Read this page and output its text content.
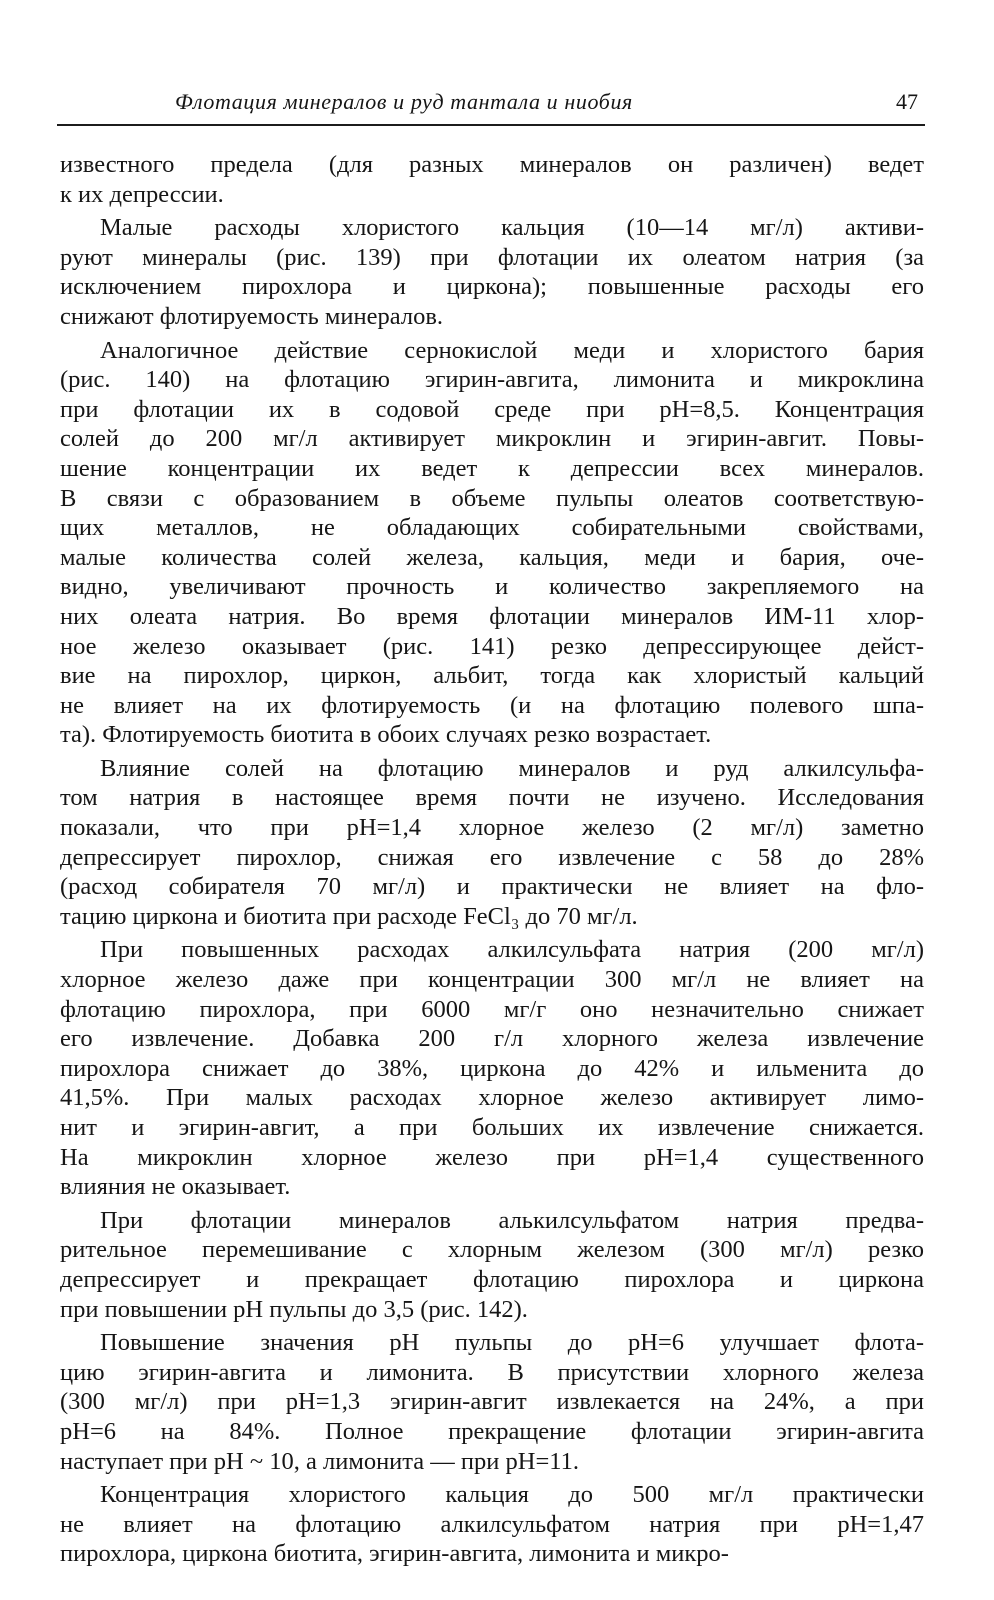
Флотация минералов и руд тантала и ниобия	47

известного предела (для разных минералов он различен) ведет
к их депрессии.

Малые расходы хлористого кальция (10—14 мг/л) активи-
руют минералы (рис. 139) при флотации их олеатом натрия (за
исключением пирохлора и циркона); повышенные расходы его
снижают флотируемость минералов.

Аналогичное действие сернокислой меди и хлористого бария
(рис. 140) на флотацию эгирин-авгита, лимонита и микроклина
при флотации их в содовой среде при pH=8,5. Концентрация
солей до 200 мг/л активирует микроклин и эгирин-авгит. Повы-
шение концентрации их ведет к депрессии всех минералов.
В связи с образованием в объеме пульпы олеатов соответствую-
щих металлов, не обладающих собирательными свойствами,
малые количества солей железа, кальция, меди и бария, оче-
видно, увеличивают прочность и количество закрепляемого на
них олеата натрия. Во время флотации минералов ИМ-11 хлор-
ное железо оказывает (рис. 141) резко депрессирующее дейст-
вие на пирохлор, циркон, альбит, тогда как хлористый кальций
не влияет на их флотируемость (и на флотацию полевого шпа-
та). Флотируемость биотита в обоих случаях резко возрастает.

Влияние солей на флотацию минералов и руд алкилсульфа-
том натрия в настоящее время почти не изучено. Исследования
показали, что при pH=1,4 хлорное железо (2 мг/л) заметно
депрессирует пирохлор, снижая его извлечение с 58 до 28%
(расход собирателя 70 мг/л) и практически не влияет на фло-
тацию циркона и биотита при расходе FeCl₃ до 70 мг/л.

При повышенных расходах алкилсульфата натрия (200 мг/л)
хлорное железо даже при концентрации 300 мг/л не влияет на
флотацию пирохлора, при 6000 мг/г оно незначительно снижает
его извлечение. Добавка 200 г/л хлорного железа извлечение
пирохлора снижает до 38%, циркона до 42% и ильменита до
41,5%. При малых расходах хлорное железо активирует лимо-
нит и эгирин-авгит, а при больших их извлечение снижается.
На микроклин хлорное железо при pH=1,4 существенного
влияния не оказывает.

При флотации минералов алькилсульфатом натрия предва-
рительное перемешивание с хлорным железом (300 мг/л) резко
депрессирует и прекращает флотацию пирохлора и циркона
при повышении pH пульпы до 3,5 (рис. 142).

Повышение значения pH пульпы до pH=6 улучшает флота-
цию эгирин-авгита и лимонита. В присутствии хлорного железа
(300 мг/л) при pH=1,3 эгирин-авгит извлекается на 24%, а при
pH=6 на 84%. Полное прекращение флотации эгирин-авгита
наступает при pH ~ 10, а лимонита — при pH=11.

Концентрация хлористого кальция до 500 мг/л практически
не влияет на флотацию алкилсульфатом натрия при pH=1,47
пирохлора, циркона биотита, эгирин-авгита, лимонита и микро-
